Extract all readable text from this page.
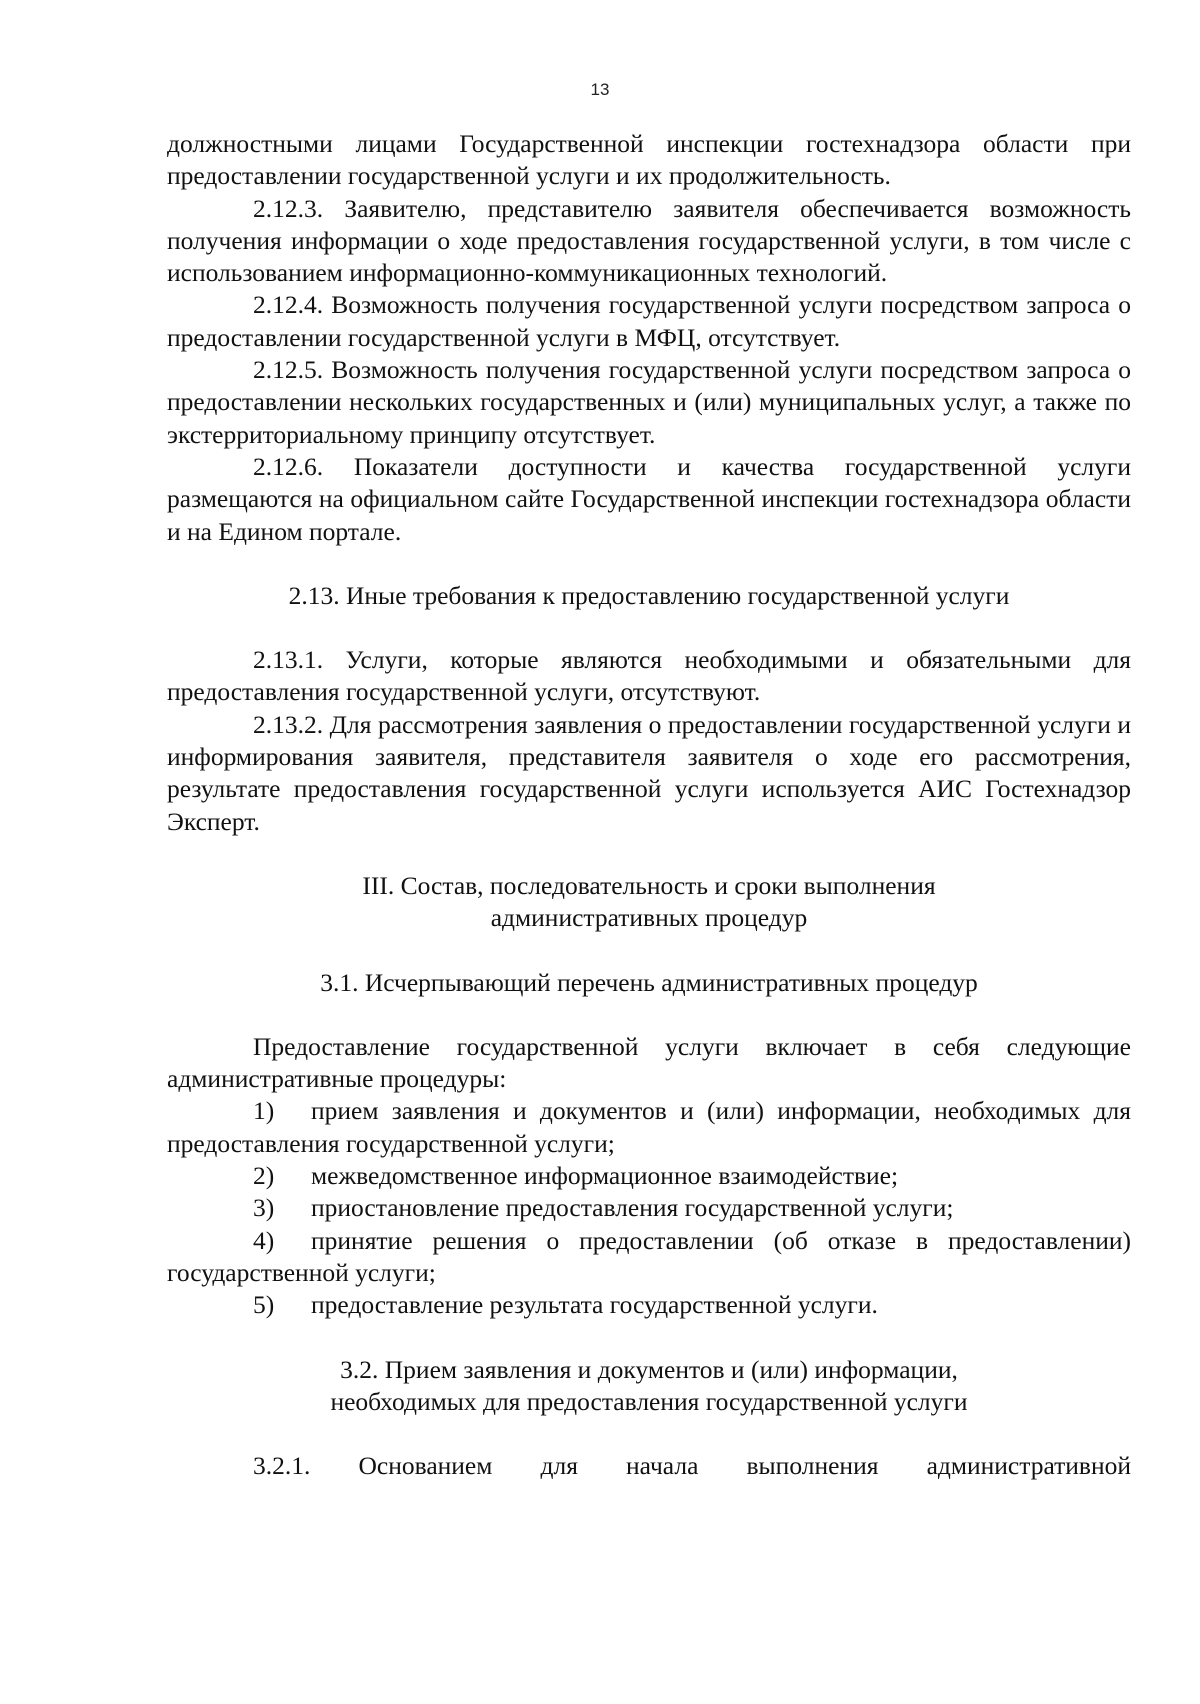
13

должностными лицами Государственной инспекции гостехнадзора области при предоставлении государственной услуги и их продолжительность.

2.12.3. Заявителю, представителю заявителя обеспечивается возможность получения информации о ходе предоставления государственной услуги, в том числе с использованием информационно-коммуникационных технологий.

2.12.4. Возможность получения государственной услуги посредством запроса о предоставлении государственной услуги в МФЦ, отсутствует.

2.12.5. Возможность получения государственной услуги посредством запроса о предоставлении нескольких государственных и (или) муниципальных услуг, а также по экстерриториальному принципу отсутствует.

2.12.6. Показатели доступности и качества государственной услуги размещаются на официальном сайте Государственной инспекции гостехнадзора области и на Едином портале.

2.13. Иные требования к предоставлению государственной услуги

2.13.1. Услуги, которые являются необходимыми и обязательными для предоставления государственной услуги, отсутствуют.

2.13.2. Для рассмотрения заявления о предоставлении государственной услуги и информирования заявителя, представителя заявителя о ходе его рассмотрения, результате предоставления государственной услуги используется АИС Гостехнадзор Эксперт.

III. Состав, последовательность и сроки выполнения

административных процедур

3.1. Исчерпывающий перечень административных процедур

Предоставление государственной услуги включает в себя следующие административные процедуры:

1) прием заявления и документов и (или) информации, необходимых для предоставления государственной услуги;
2) межведомственное информационное взаимодействие;
3) приостановление предоставления государственной услуги;
4) принятие решения о предоставлении (об отказе в предоставлении) государственной услуги;
5) предоставление результата государственной услуги.

3.2. Прием заявления и документов и (или) информации,

необходимых для предоставления государственной услуги

3.2.1. Основанием для начала выполнения административной
